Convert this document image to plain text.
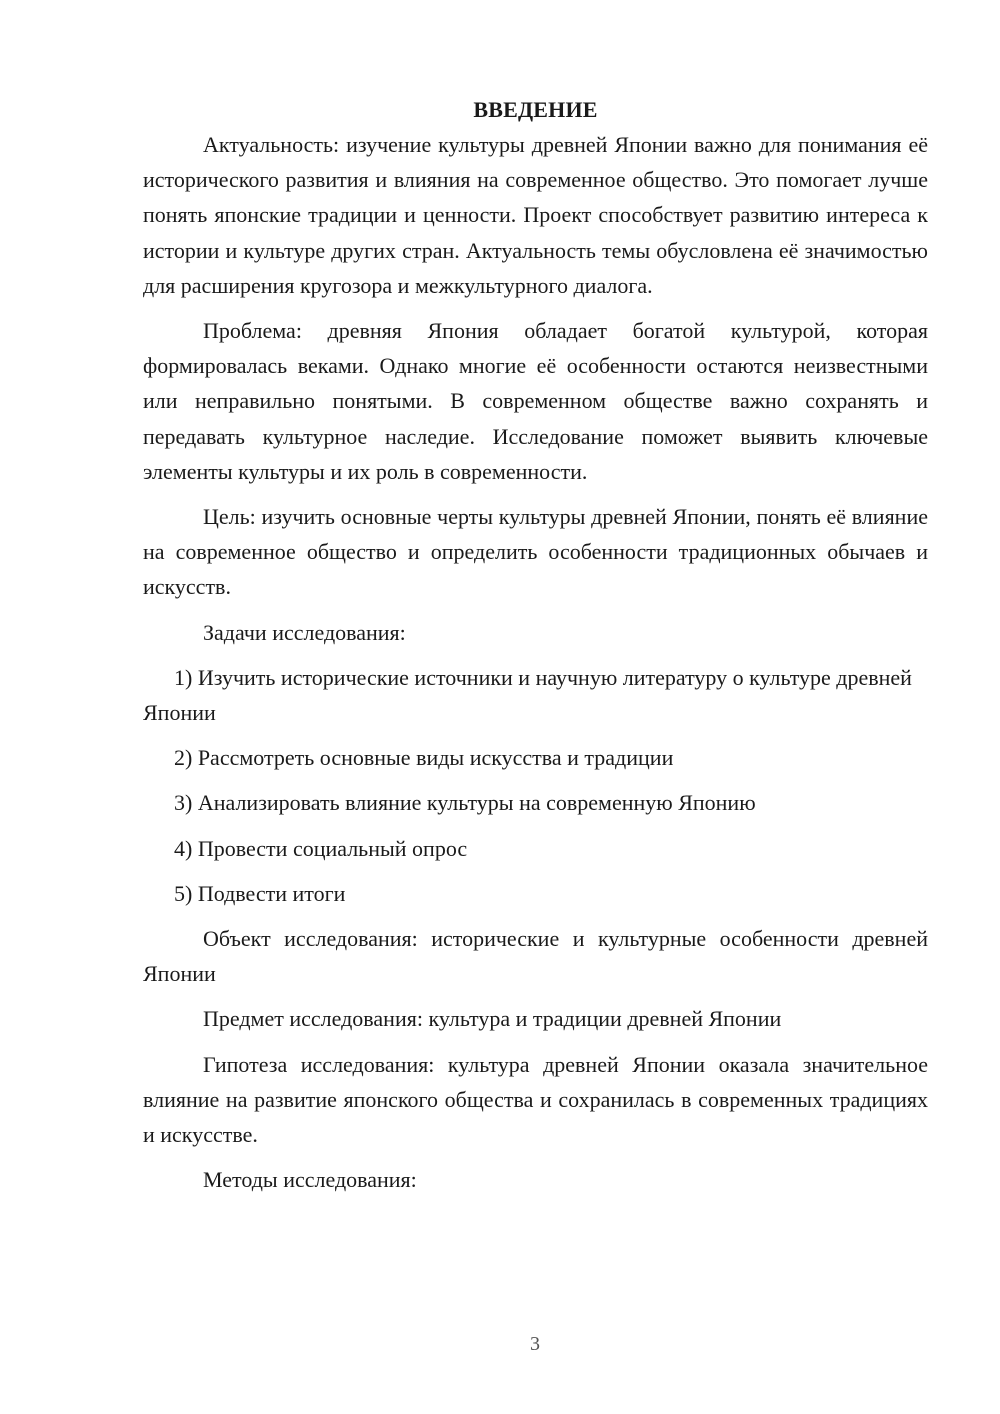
ВВЕДЕНИЕ

Актуальность: изучение культуры древней Японии важно для понимания её исторического развития и влияния на современное общество. Это помогает лучше понять японские традиции и ценности. Проект способствует развитию интереса к истории и культуре других стран. Актуальность темы обусловлена её значимостью для расширения кругозора и межкультурного диалога.

Проблема: древняя Япония обладает богатой культурой, которая формировалась веками. Однако многие её особенности остаются неизвестными или неправильно понятыми. В современном обществе важно сохранять и передавать культурное наследие. Исследование поможет выявить ключевые элементы культуры и их роль в современности.

Цель: изучить основные черты культуры древней Японии, понять её влияние на современное общество и определить особенности традиционных обычаев и искусств.

Задачи исследования:

1) Изучить исторические источники и научную литературу о культуре древней Японии

2) Рассмотреть основные виды искусства и традиции

3) Анализировать влияние культуры на современную Японию

4) Провести социальный опрос

5) Подвести итоги

Объект исследования: исторические и культурные особенности древней Японии

Предмет исследования: культура и традиции древней Японии

Гипотеза исследования: культура древней Японии оказала значительное влияние на развитие японского общества и сохранилась в современных традициях и искусстве.

Методы исследования:

3
